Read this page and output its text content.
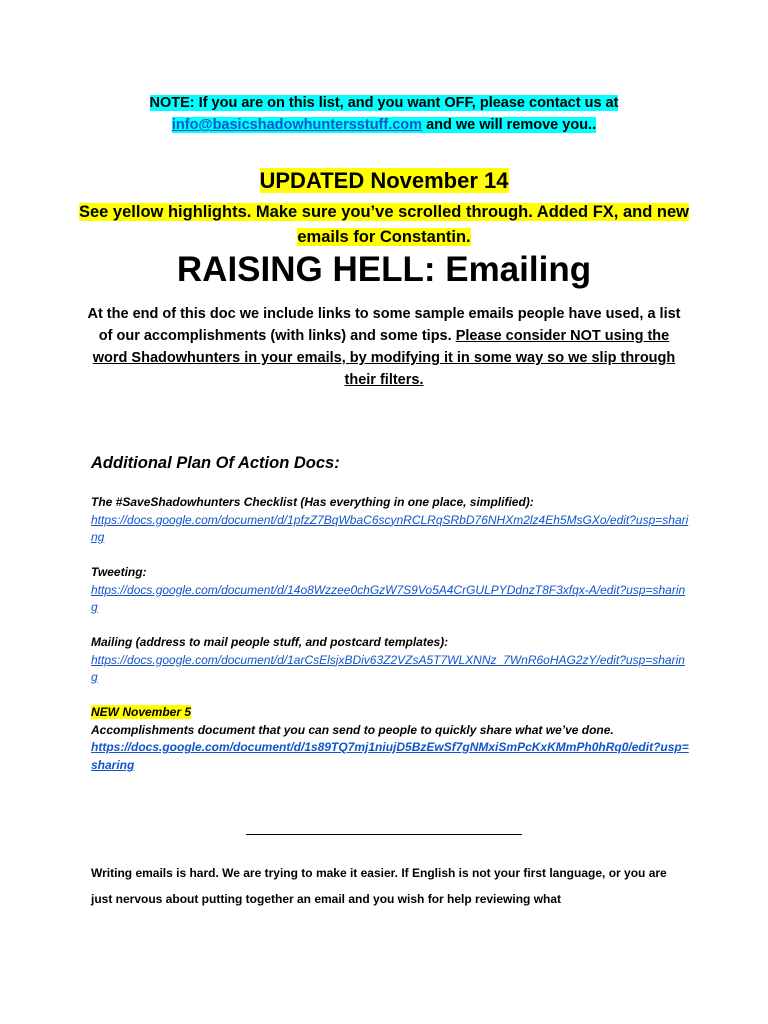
NOTE: If you are on this list, and you want OFF, please contact us at
info@basicshadowhuntersstuff.com and we will remove you..
UPDATED November 14
See yellow highlights. Make sure you’ve scrolled through. Added FX, and new emails for Constantin.
RAISING HELL: Emailing
At the end of this doc we include links to some sample emails people have used, a list of our accomplishments (with links) and some tips. Please consider NOT using the word Shadowhunters in your emails, by modifying it in some way so we slip through their filters.
Additional Plan Of Action Docs:
The #SaveShadowhunters Checklist (Has everything in one place, simplified):
https://docs.google.com/document/d/1pfzZ7BqWbaC6scynRCLRqSRbD76NHXm2lz4Eh5MsGXo/edit?usp=sharing
Tweeting:
https://docs.google.com/document/d/14o8Wzzee0chGzW7S9Vo5A4CrGULPYDdnzT8F3xfqx-A/edit?usp=sharing
Mailing (address to mail people stuff, and postcard templates):
https://docs.google.com/document/d/1arCsElsjxBDiv63Z2VZsA5T7WLXNNz_7WnR6oHAG2zY/edit?usp=sharing
NEW November 5
Accomplishments document that you can send to people to quickly share what we’ve done.
https://docs.google.com/document/d/1s89TQ7mj1niujD5BzEwSf7gNMxiSmPcKxKMmPh0hRq0/edit?usp=sharing
Writing emails is hard. We are trying to make it easier. If English is not your first language, or you are just nervous about putting together an email and you wish for help reviewing what
